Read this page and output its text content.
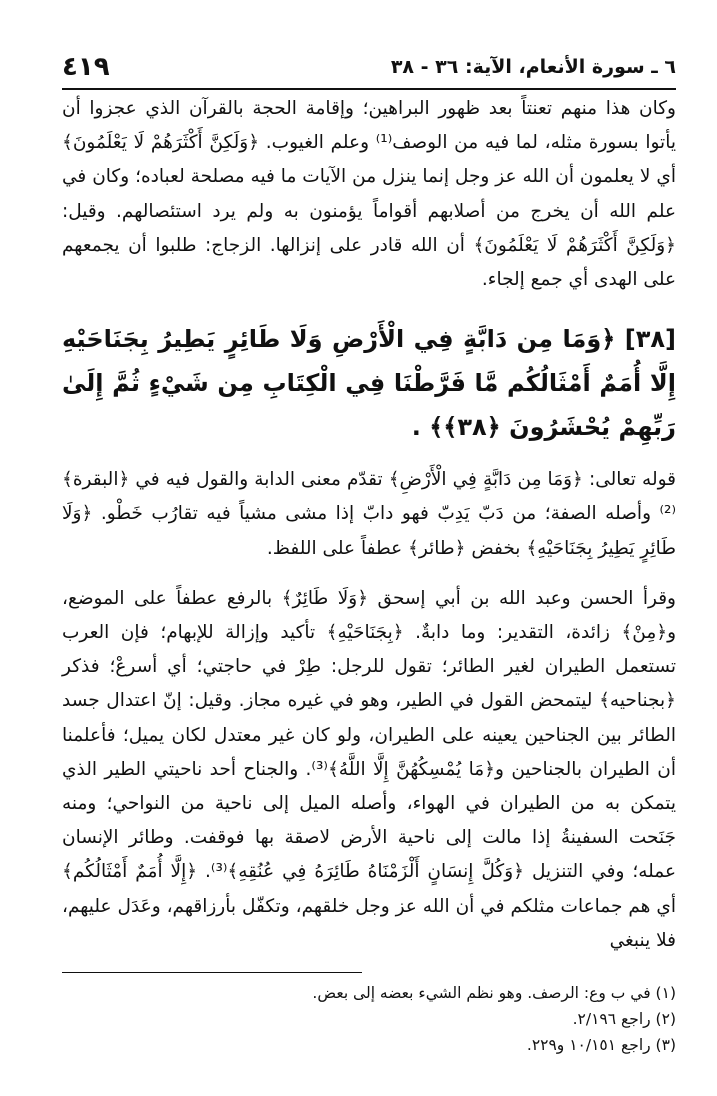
٤١٩	٦ ـ سورة الأنعام، الآية: ٣٦ - ٣٨

وكان هذا منهم تعنتاً بعد ظهور البراهين؛ وإقامة الحجة بالقرآن الذي عجزوا أن يأتوا بسورة مثله، لما فيه من الوصف⁽¹⁾ وعلم الغيوب. ﴿وَلَكِنَّ أَكْثَرَهُمْ لَا يَعْلَمُونَ﴾ أي لا يعلمون أن الله عز وجل إنما ينزل من الآيات ما فيه مصلحة لعباده؛ وكان في علم الله أن يخرج من أصلابهم أقواماً يؤمنون به ولم يرد استئصالهم. وقيل: ﴿وَلَكِنَّ أَكْثَرَهُمْ لَا يَعْلَمُونَ﴾ أن الله قادر على إنزالها. الزجاج: طلبوا أن يجمعهم على الهدى أي جمع إلجاء.

[٣٨] ﴿وَمَا مِن دَابَّةٍ فِي الْأَرْضِ وَلَا طَائِرٍ يَطِيرُ بِجَنَاحَيْهِ إِلَّا أُمَمٌ أَمْثَالُكُم مَّا فَرَّطْنَا فِي الْكِتَابِ مِن شَيْءٍ ثُمَّ إِلَىٰ رَبِّهِمْ يُحْشَرُونَ ﴿٣٨﴾﴾ .

قوله تعالى: ﴿وَمَا مِن دَابَّةٍ فِي الْأَرْضِ﴾ تقدّم معنى الدابة والقول فيه في ﴿البقرة﴾⁽²⁾ وأصله الصفة؛ من دَبّ يَدِبّ فهو دابّ إذا مشى مشياً فيه تقارُب خَطْو. ﴿وَلَا طَائِرٍ يَطِيرُ بِجَنَاحَيْهِ﴾ بخفض ﴿طائر﴾ عطفاً على اللفظ.

وقرأ الحسن وعبد الله بن أبي إسحق ﴿وَلَا طَائِرٌ﴾ بالرفع عطفاً على الموضع، و﴿مِنْ﴾ زائدة، التقدير: وما دابةٌ. ﴿بِجَنَاحَيْهِ﴾ تأكيد وإزالة للإبهام؛ فإن العرب تستعمل الطيران لغير الطائر؛ تقول للرجل: طِرْ في حاجتي؛ أي أسرعْ؛ فذكر ﴿بجناحيه﴾ ليتمحض القول في الطير، وهو في غيره مجاز. وقيل: إنّ اعتدال جسد الطائر بين الجناحين يعينه على الطيران، ولو كان غير معتدل لكان يميل؛ فأعلمنا أن الطيران بالجناحين و﴿مَا يُمْسِكُهُنَّ إِلَّا اللَّهُ﴾⁽³⁾. والجناح أحد ناحيتي الطير الذي يتمكن به من الطيران في الهواء، وأصله الميل إلى ناحية من النواحي؛ ومنه جَنَحت السفينةُ إذا مالت إلى ناحية الأرض لاصقة بها فوقفت. وطائر الإنسان عمله؛ وفي التنزيل ﴿وَكُلَّ إِنسَانٍ أَلْزَمْنَاهُ طَائِرَهُ فِي عُنُقِهِ﴾⁽³⁾. ﴿إِلَّا أُمَمٌ أَمْثَالُكُم﴾ أي هم جماعات مثلكم في أن الله عز وجل خلقهم، وتكفّل بأرزاقهم، وعَدَل عليهم، فلا ينبغي

(١) في ب وع: الرصف. وهو نظم الشيء بعضه إلى بعض.

(٢) راجع ٢/١٩٦.

(٣) راجع ١٠/١٥١ و٢٢٩.
